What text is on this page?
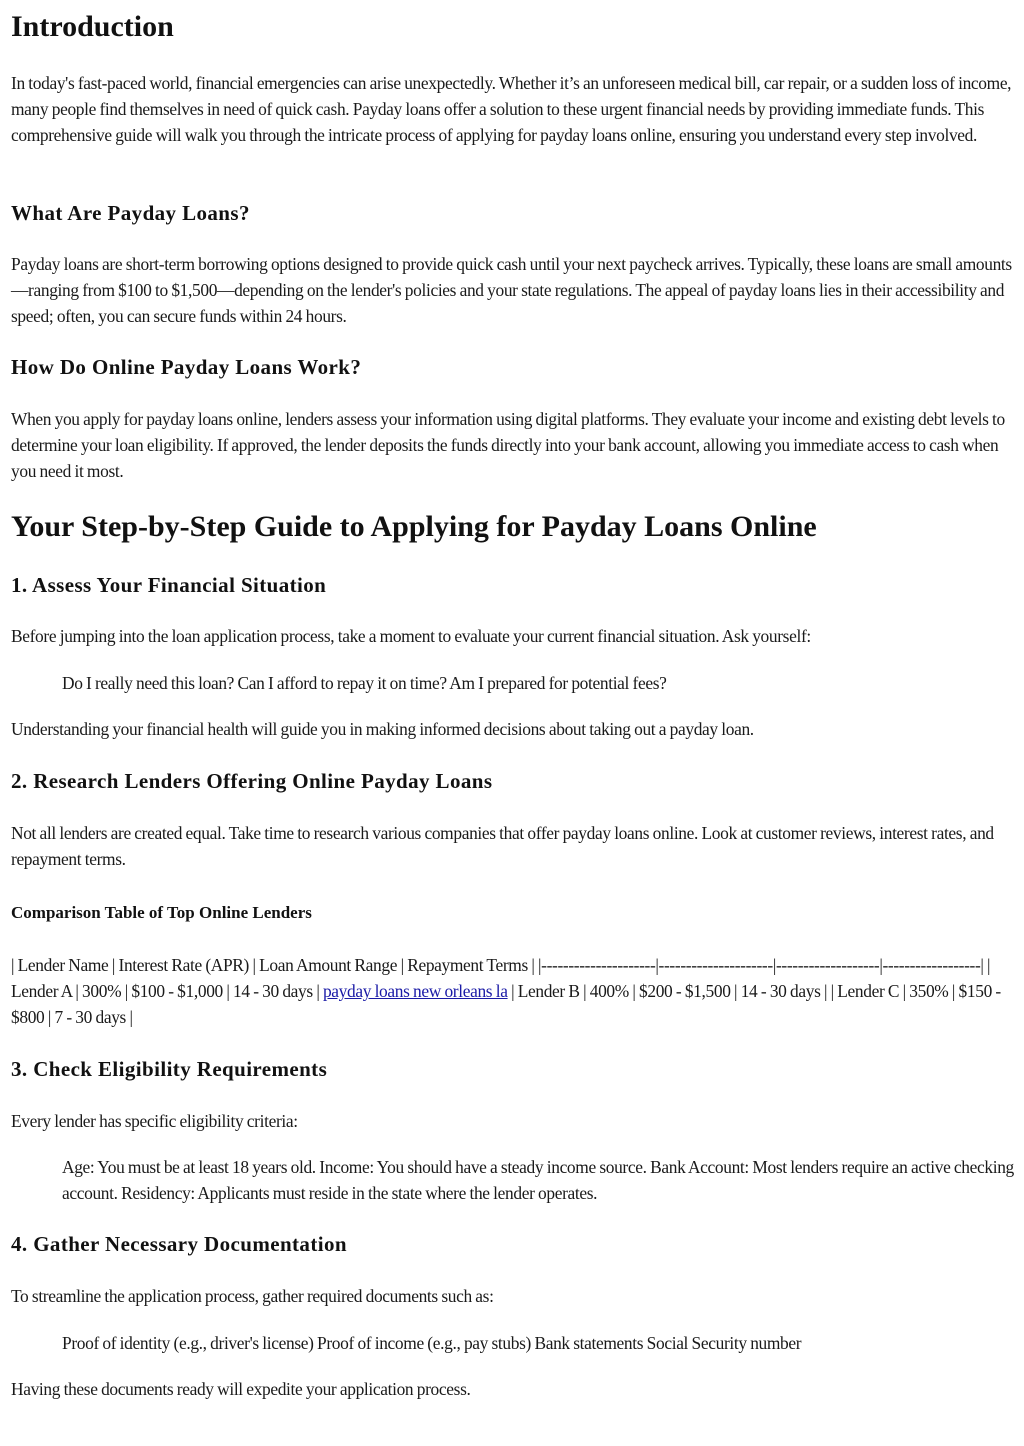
Introduction

In today's fast-paced world, financial emergencies can arise unexpectedly. Whether it’s an unforeseen medical bill, car repair, or a sudden loss of income, many people find themselves in need of quick cash. Payday loans offer a solution to these urgent financial needs by providing immediate funds. This comprehensive guide will walk you through the intricate process of applying for payday loans online, ensuring you understand every step involved.

What Are Payday Loans?

Payday loans are short-term borrowing options designed to provide quick cash until your next paycheck arrives. Typically, these loans are small amounts—ranging from $100 to $1,500—depending on the lender's policies and your state regulations. The appeal of payday loans lies in their accessibility and speed; often, you can secure funds within 24 hours.

How Do Online Payday Loans Work?

When you apply for payday loans online, lenders assess your information using digital platforms. They evaluate your income and existing debt levels to determine your loan eligibility. If approved, the lender deposits the funds directly into your bank account, allowing you immediate access to cash when you need it most.

Your Step-by-Step Guide to Applying for Payday Loans Online
1. Assess Your Financial Situation

Before jumping into the loan application process, take a moment to evaluate your current financial situation. Ask yourself:

Do I really need this loan? Can I afford to repay it on time? Am I prepared for potential fees?

Understanding your financial health will guide you in making informed decisions about taking out a payday loan.

2. Research Lenders Offering Online Payday Loans

Not all lenders are created equal. Take time to research various companies that offer payday loans online. Look at customer reviews, interest rates, and repayment terms.

Comparison Table of Top Online Lenders

| Lender Name | Interest Rate (APR) | Loan Amount Range | Repayment Terms | |---------------------|---------------------|-------------------|------------------| | Lender A | 300% | $100 - $1,000 | 14 - 30 days | payday loans new orleans la | Lender B | 400% | $200 - $1,500 | 14 - 30 days | | Lender C | 350% | $150 - $800 | 7 - 30 days |

3. Check Eligibility Requirements

Every lender has specific eligibility criteria:

Age: You must be at least 18 years old. Income: You should have a steady income source. Bank Account: Most lenders require an active checking account. Residency: Applicants must reside in the state where the lender operates.

4. Gather Necessary Documentation

To streamline the application process, gather required documents such as:

Proof of identity (e.g., driver's license) Proof of income (e.g., pay stubs) Bank statements Social Security number

Having these documents ready will expedite your application process.
